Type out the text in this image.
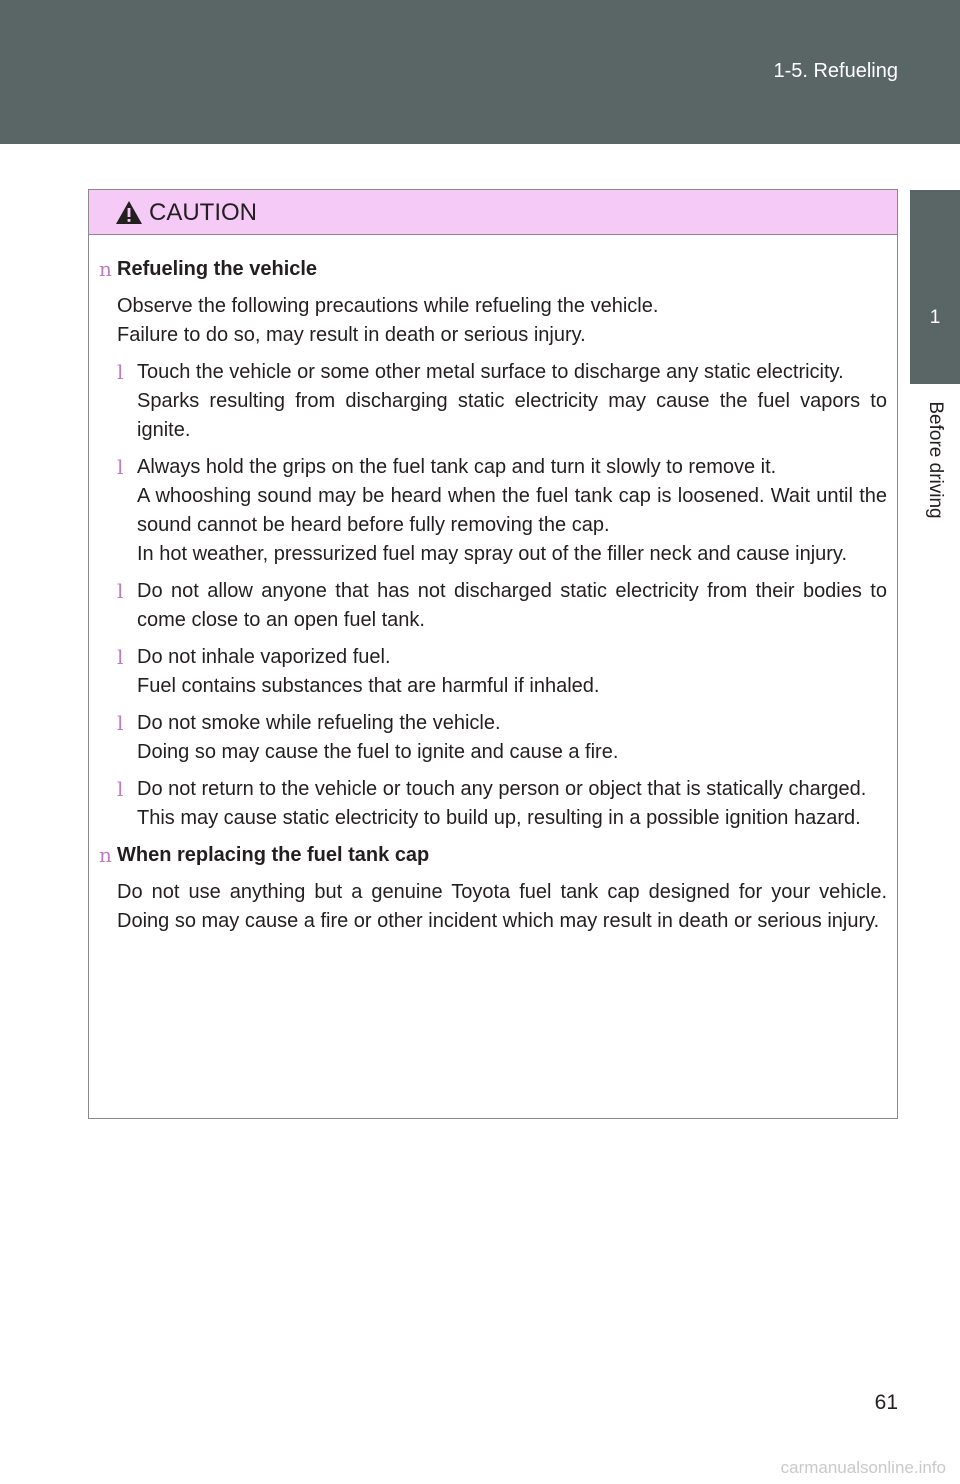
1-5. Refueling
1
Before driving
CAUTION
n Refueling the vehicle
Observe the following precautions while refueling the vehicle.
Failure to do so, may result in death or serious injury.
l Touch the vehicle or some other metal surface to discharge any static electricity.
Sparks resulting from discharging static electricity may cause the fuel vapors to ignite.
l Always hold the grips on the fuel tank cap and turn it slowly to remove it.
A whooshing sound may be heard when the fuel tank cap is loosened. Wait until the sound cannot be heard before fully removing the cap.
In hot weather, pressurized fuel may spray out of the filler neck and cause injury.
l Do not allow anyone that has not discharged static electricity from their bodies to come close to an open fuel tank.
l Do not inhale vaporized fuel.
Fuel contains substances that are harmful if inhaled.
l Do not smoke while refueling the vehicle.
Doing so may cause the fuel to ignite and cause a fire.
l Do not return to the vehicle or touch any person or object that is statically charged.
This may cause static electricity to build up, resulting in a possible ignition hazard.
n When replacing the fuel tank cap
Do not use anything but a genuine Toyota fuel tank cap designed for your vehicle. Doing so may cause a fire or other incident which may result in death or serious injury.
61
carmanualsonline.info
